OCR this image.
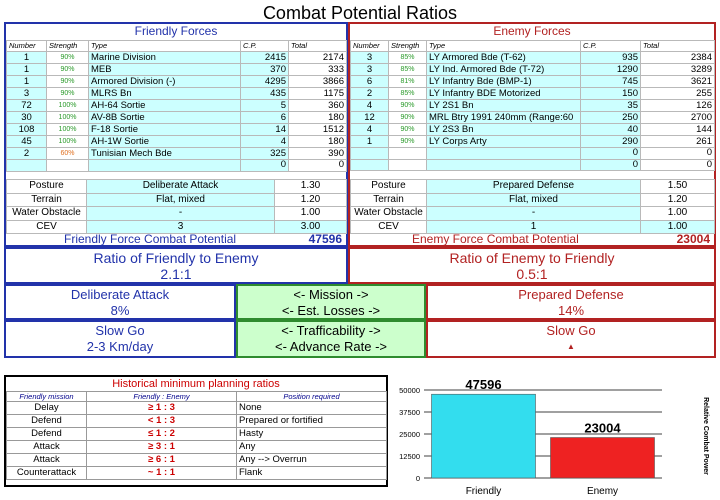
Combat Potential Ratios
Friendly Forces
Number	Strength	Type	C.P.	Total
1	90%	Marine Division	2415	2174
1	90%	MEB	370	333
1	90%	Armored Division (-)	4295	3866
3	90%	MLRS Bn	435	1175
72	100%	AH-64 Sortie	5	360
30	100%	AV-8B Sortie	6	180
108	100%	F-18 Sortie	14	1512
45	100%	AH-1W Sortie	4	180
2	60%	Tunisian Mech Bde	325	390
			0	0
Posture	Deliberate Attack	1.30
Terrain	Flat, mixed	1.20
Water Obstacle	-	1.00
CEV	3	3.00
Friendly Force Combat Potential	47596
Enemy Forces
Number	Strength	Type	C.P.	Total
3	85%	LY Armored Bde (T-62)	935	2384
3	85%	LY Ind. Armored Bde (T-72)	1290	3289
6	81%	LY Infantry Bde (BMP-1)	745	3621
2	85%	LY Infantry BDE Motorized	150	255
4	90%	LY 2S1 Bn	35	126
12	90%	MRL Btry 1991 240mm (Range:60	250	2700
4	90%	LY 2S3 Bn	40	144
1	90%	LY Corps Arty	290	261
			0	0
			0	0
Posture	Prepared Defense	1.50
Terrain	Flat, mixed	1.20
Water Obstacle	-	1.00
CEV	1	1.00
Enemy Force Combat Potential	23004
Ratio of Friendly to Enemy
2.1:1
Ratio of Enemy to Friendly
0.5:1
Deliberate Attack
8%
<- Mission ->
<- Est. Losses ->
Prepared Defense
14%
Slow Go
2-3 Km/day
<- Trafficability ->
<- Advance Rate ->
Slow Go
▲
Historical minimum planning ratios
Friendly mission	Friendly : Enemy	Position required
Delay	≥ 1 : 3	None
Defend	< 1 : 3	Prepared or fortified
Defend	≤ 1 : 2	Hasty
Attack	≥ 3 : 1	Any
Attack	≥ 6 : 1	Any --> Overrun
Counterattack	~ 1 : 1	Flank
0
12500
25000
37500
50000	47596
Friendly
23004
Enemy
Relative Combat Power
